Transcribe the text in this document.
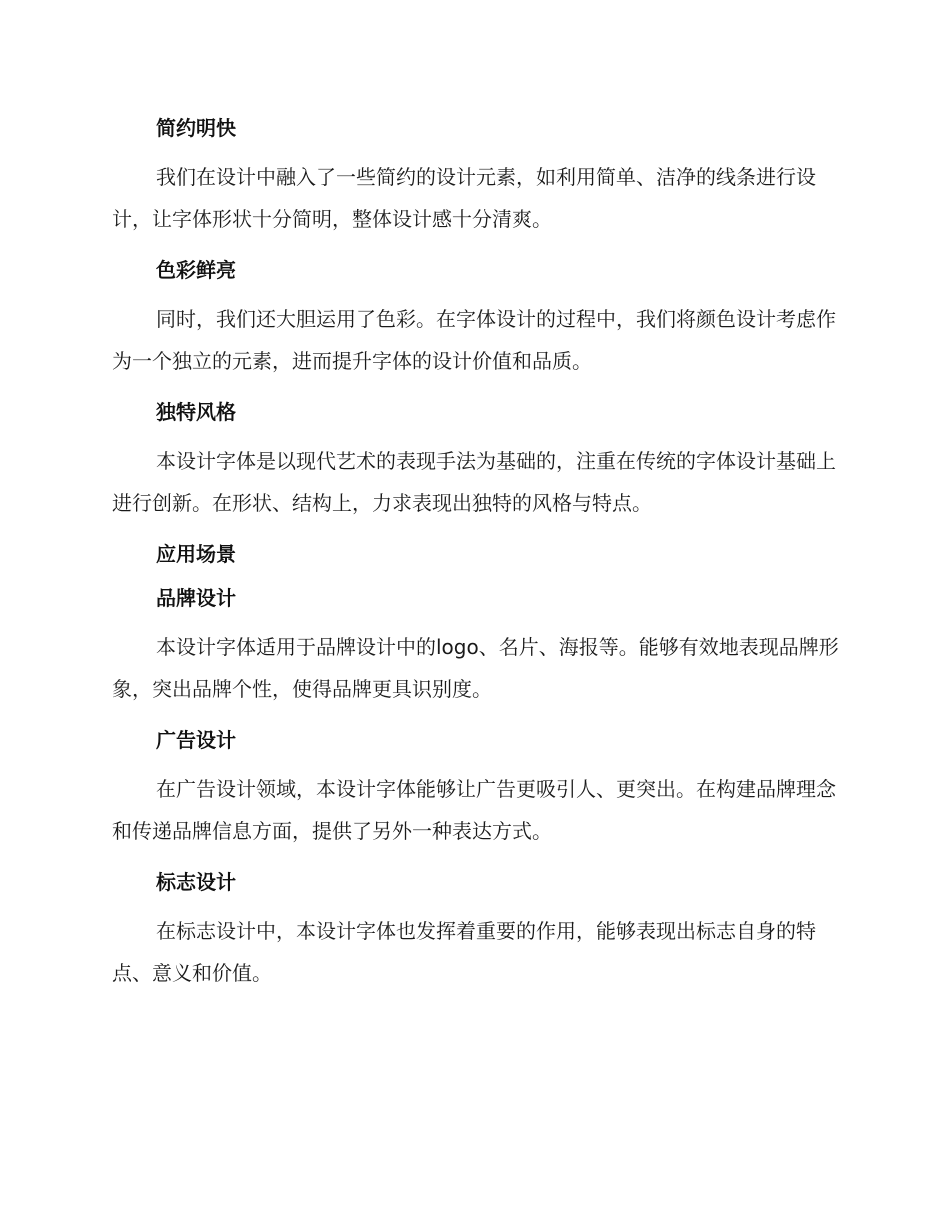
简约明快

我们在设计中融入了一些简约的设计元素，如利用简单、洁净的线条进行设计，让字体形状十分简明，整体设计感十分清爽。

色彩鲜亮

同时，我们还大胆运用了色彩。在字体设计的过程中，我们将颜色设计考虑作为一个独立的元素，进而提升字体的设计价值和品质。

独特风格

本设计字体是以现代艺术的表现手法为基础的，注重在传统的字体设计基础上进行创新。在形状、结构上，力求表现出独特的风格与特点。

应用场景
品牌设计

本设计字体适用于品牌设计中的logo、名片、海报等。能够有效地表现品牌形象，突出品牌个性，使得品牌更具识别度。

广告设计

在广告设计领域，本设计字体能够让广告更吸引人、更突出。在构建品牌理念和传递品牌信息方面，提供了另外一种表达方式。

标志设计

在标志设计中，本设计字体也发挥着重要的作用，能够表现出标志自身的特点、意义和价值。
